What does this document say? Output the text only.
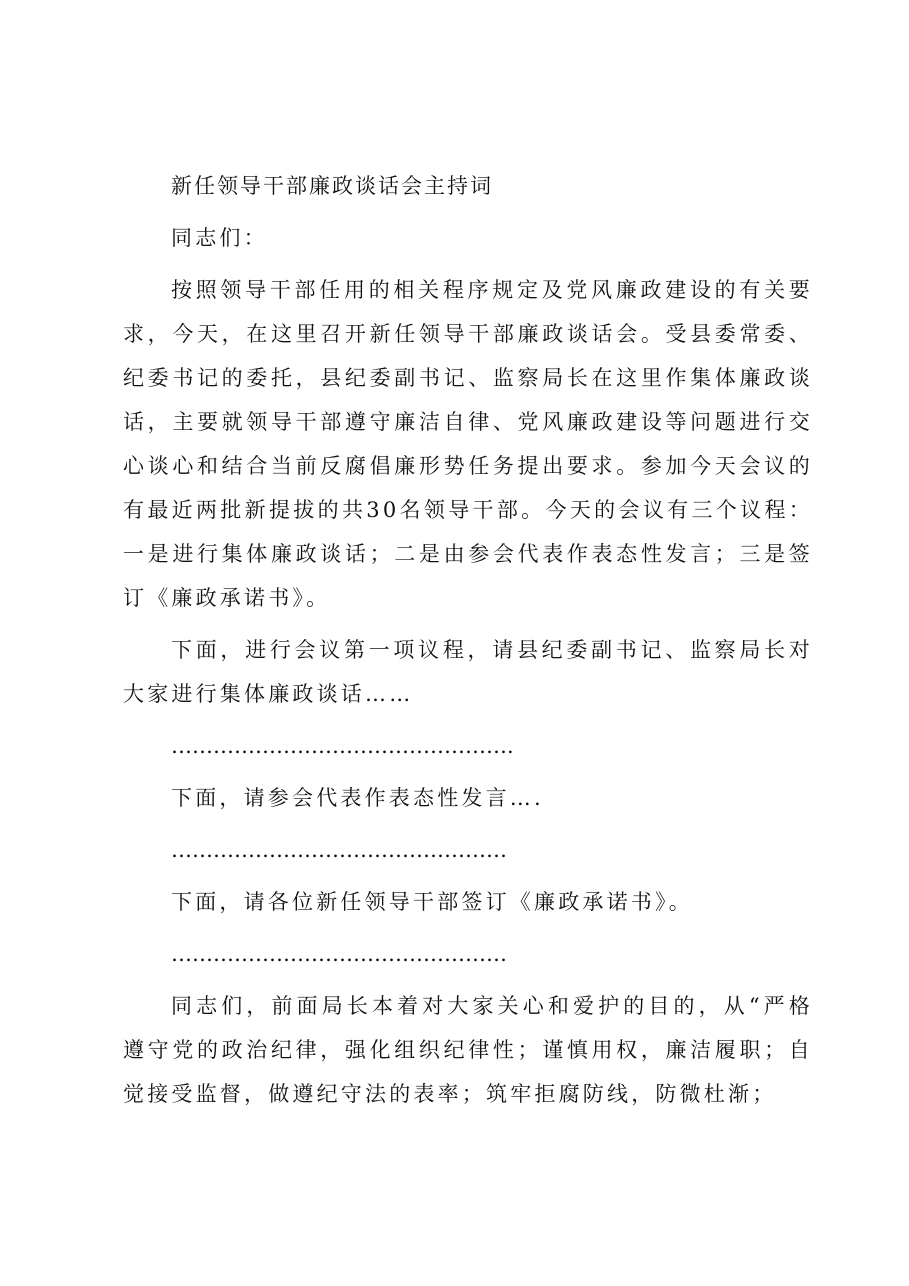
新任领导干部廉政谈话会主持词

同志们：

按照领导干部任用的相关程序规定及党风廉政建设的有关要求，今天，在这里召开新任领导干部廉政谈话会。受县委常委、纪委书记的委托，县纪委副书记、监察局长在这里作集体廉政谈话，主要就领导干部遵守廉洁自律、党风廉政建设等问题进行交心谈心和结合当前反腐倡廉形势任务提出要求。参加今天会议的有最近两批新提拔的共30名领导干部。今天的会议有三个议程：一是进行集体廉政谈话；二是由参会代表作表态性发言；三是签订《廉政承诺书》。

下面，进行会议第一项议程，请县纪委副书记、监察局长对大家进行集体廉政谈话……

………………………………………….

下面，请参会代表作表态性发言….

…………………………………………

下面，请各位新任领导干部签订《廉政承诺书》。

…………………………………………

同志们，前面局长本着对大家关心和爱护的目的，从“严格遵守党的政治纪律，强化组织纪律性；谨慎用权，廉洁履职；自觉接受监督，做遵纪守法的表率；筑牢拒腐防线，防微杜渐；
